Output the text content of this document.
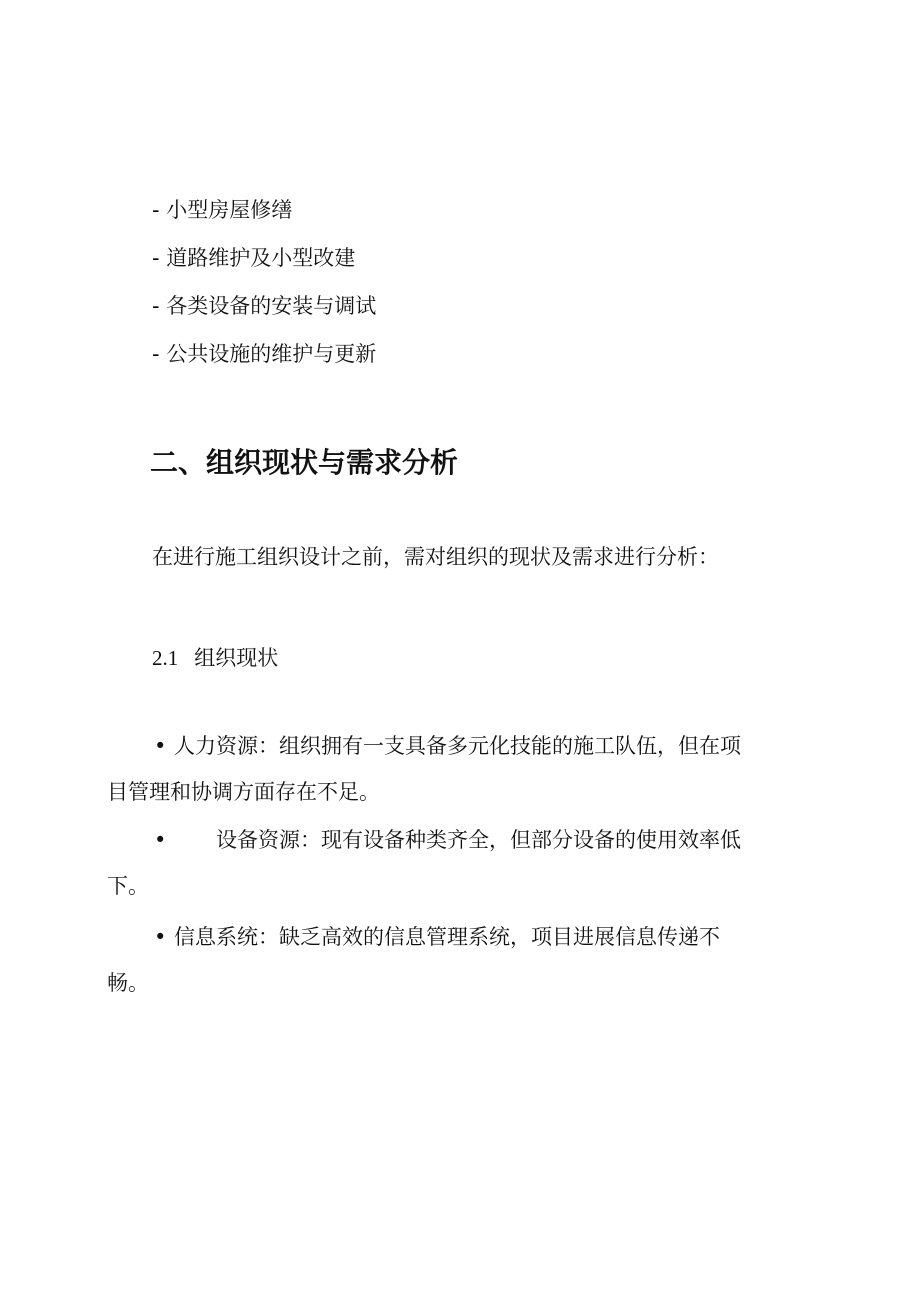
- 小型房屋修缮
- 道路维护及小型改建
- 各类设备的安装与调试
- 公共设施的维护与更新
二、组织现状与需求分析
在进行施工组织设计之前，需对组织的现状及需求进行分析：
2.1 组织现状
• 人力资源：组织拥有一支具备多元化技能的施工队伍，但在项
目管理和协调方面存在不足。
• 设备资源：现有设备种类齐全，但部分设备的使用效率低
下。
• 信息系统：缺乏高效的信息管理系统，项目进展信息传递不
畅。
